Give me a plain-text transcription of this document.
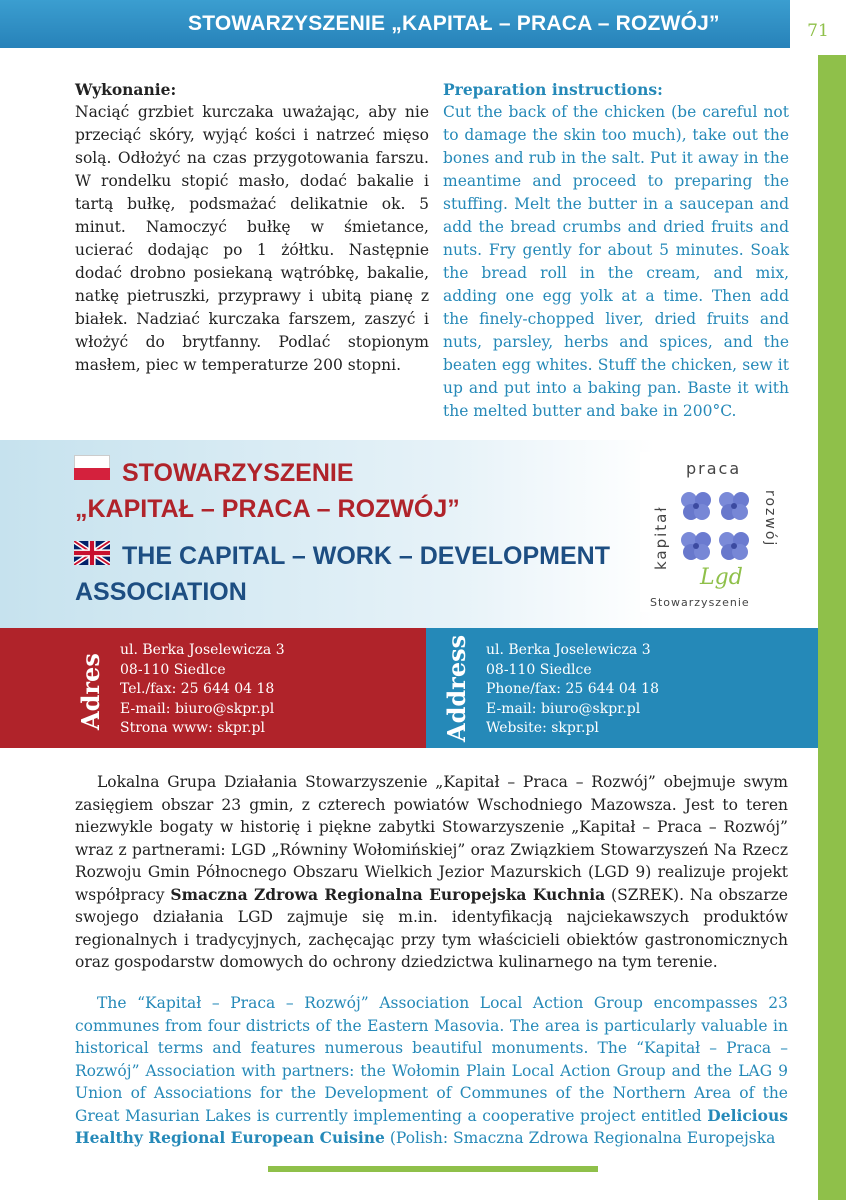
STOWARZYSZENIE „KAPITAŁ – PRACA – ROZWÓJ”	71
Wykonanie:

Naciąć grzbiet kurczaka uważając, aby nie przeciąć skóry, wyjąć kości i natrzeć mięso solą. Odłożyć na czas przygotowania farszu. W rondelku stopić masło, dodać bakalie i tartą bułkę, podsmażać delikatnie ok. 5 minut. Namoczyć bułkę w śmietance, ucierać dodając po 1 żółtku. Następnie dodać drobno posiekaną wątróbkę, bakalie, natkę pietruszki, przyprawy i ubitą pianę z białek. Nadziać kurczaka farszem, zaszyć i włożyć do brytfanny. Podlać stopionym masłem, piec w temperaturze 200 stopni.

Preparation instructions:

Cut the back of the chicken (be careful not to damage the skin too much), take out the bones and rub in the salt. Put it away in the meantime and proceed to preparing the stuffing. Melt the butter in a saucepan and add the bread crumbs and dried fruits and nuts. Fry gently for about 5 minutes. Soak the bread roll in the cream, and mix, adding one egg yolk at a time. Then add the finely-chopped liver, dried fruits and nuts, parsley, herbs and spices, and the beaten egg whites. Stuff the chicken, sew it up and put into a baking pan. Baste it with the melted butter and bake in 200°C.

STOWARZYSZENIE
„KAPITAŁ – PRACA – ROZWÓJ”
THE CAPITAL – WORK – DEVELOPMENT
ASSOCIATION
praca
rozwój
kapitał
Lgd
Stowarzyszenie
Adres	Address
ul. Berka Joselewicza 3
08-110 Siedlce
Tel./fax: 25 644 04 18
E-mail: biuro@skpr.pl
Strona www: skpr.pl
ul. Berka Joselewicza 3
08-110 Siedlce
Phone/fax: 25 644 04 18
E-mail: biuro@skpr.pl
Website: skpr.pl

Lokalna Grupa Działania Stowarzyszenie „Kapitał – Praca – Rozwój” obejmuje swym zasięgiem obszar 23 gmin, z czterech powiatów Wschodniego Mazowsza. Jest to teren niezwykle bogaty w historię i piękne zabytki Stowarzyszenie „Kapitał – Praca – Rozwój” wraz z partnerami: LGD „Równiny Wołomińskiej” oraz Związkiem Stowarzyszeń Na Rzecz Rozwoju Gmin Północnego Obszaru Wielkich Jezior Mazurskich (LGD 9) realizuje projekt współpracy Smaczna Zdrowa Regionalna Europejska Kuchnia (SZREK). Na obszarze swojego działania LGD zajmuje się m.in. identyfikacją najciekawszych produktów regionalnych i tradycyjnych, zachęcając przy tym właścicieli obiektów gastronomicznych oraz gospodarstw domowych do ochrony dziedzictwa kulinarnego na tym terenie.

The “Kapitał – Praca – Rozwój” Association Local Action Group encompasses 23 communes from four districts of the Eastern Masovia. The area is particularly valuable in historical terms and features numerous beautiful monuments. The “Kapitał – Praca – Rozwój” Association with partners: the Wołomin Plain Local Action Group and the LAG 9 Union of Associations for the Development of Communes of the Northern Area of the Great Masurian Lakes is currently implementing a cooperative project entitled Delicious Healthy Regional European Cuisine (Polish: Smaczna Zdrowa Regionalna Europejska
